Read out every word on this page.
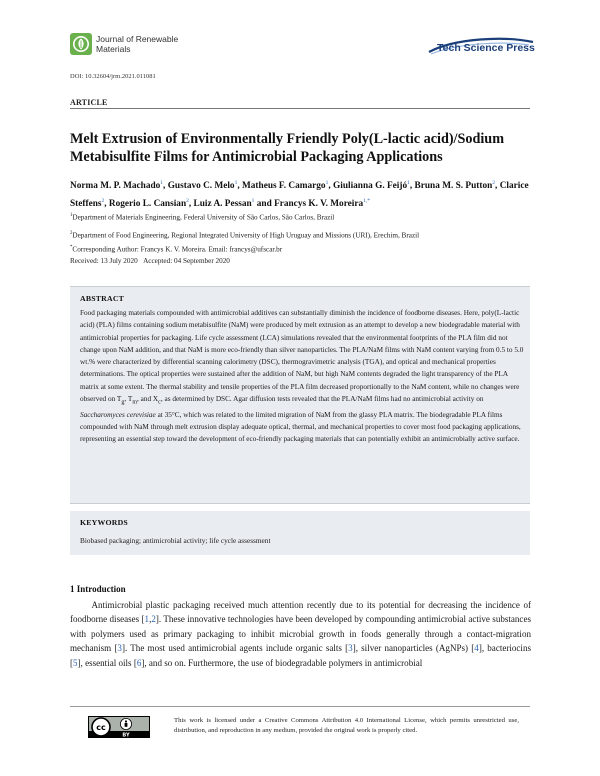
Journal of Renewable Materials	Tech Science Press
DOI: 10.32604/jrm.2021.011081
ARTICLE
Melt Extrusion of Environmentally Friendly Poly(L-lactic acid)/Sodium Metabisulfite Films for Antimicrobial Packaging Applications
Norma M. P. Machado$^1$, Gustavo C. Melo$^1$, Matheus F. Camargo$^1$, Giulianna G. Feijó$^1$, Bruna M. S. Putton$^2$, Clarice Steffens$^2$, Rogerio L. Cansian$^2$, Luiz A. Pessan$^1$ and Francys K. V. Moreira$^{1,*}$
$^1$Department of Materials Engineering, Federal University of São Carlos, São Carlos, Brazil
$^2$Department of Food Engineering, Regional Integrated University of High Uruguay and Missions (URI), Erechim, Brazil
*Corresponding Author: Francys K. V. Moreira. Email: francys@ufscar.br
Received: 13 July 2020 Accepted: 04 September 2020
ABSTRACT
Food packaging materials compounded with antimicrobial additives can substantially diminish the incidence of foodborne diseases. Here, poly(L-lactic acid) (PLA) films containing sodium metabisulfite (NaM) were produced by melt extrusion as an attempt to develop a new biodegradable material with antimicrobial properties for packaging. Life cycle assessment (LCA) simulations revealed that the environmental footprints of the PLA film did not change upon NaM addition, and that NaM is more eco-friendly than silver nanoparticles. The PLA/NaM films with NaM content varying from 0.5 to 5.0 wt.% were characterized by differential scanning calorimetry (DSC), thermogravimetric analysis (TGA), and optical and mechanical properties determinations. The optical properties were sustained after the addition of NaM, but high NaM contents degraded the light transparency of the PLA matrix at some extent. The thermal stability and tensile properties of the PLA film decreased proportionally to the NaM content, while no changes were observed on $T_g$, $T_m$, and $X_c$, as determined by DSC. Agar diffusion tests revealed that the PLA/NaM films had no antimicrobial activity on Saccharomyces cerevisiae at 35°C, which was related to the limited migration of NaM from the glassy PLA matrix. The biodegradable PLA films compounded with NaM through melt extrusion display adequate optical, thermal, and mechanical properties to cover most food packaging applications, representing an essential step toward the development of eco-friendly packaging materials that can potentially exhibit an antimicrobially active surface.
KEYWORDS
Biobased packaging; antimicrobial activity; life cycle assessment
1 Introduction
Antimicrobial plastic packaging received much attention recently due to its potential for decreasing the incidence of foodborne diseases [1,2]. These innovative technologies have been developed by compounding antimicrobial active substances with polymers used as primary packaging to inhibit microbial growth in foods generally through a contact-migration mechanism [3]. The most used antimicrobial agents include organic salts [3], silver nanoparticles (AgNPs) [4], bacteriocins [5], essential oils [6], and so on. Furthermore, the use of biodegradable polymers in antimicrobial
cc
BY
This work is licensed under a Creative Commons Attribution 4.0 International License, which permits unrestricted use, distribution, and reproduction in any medium, provided the original work is properly cited.
